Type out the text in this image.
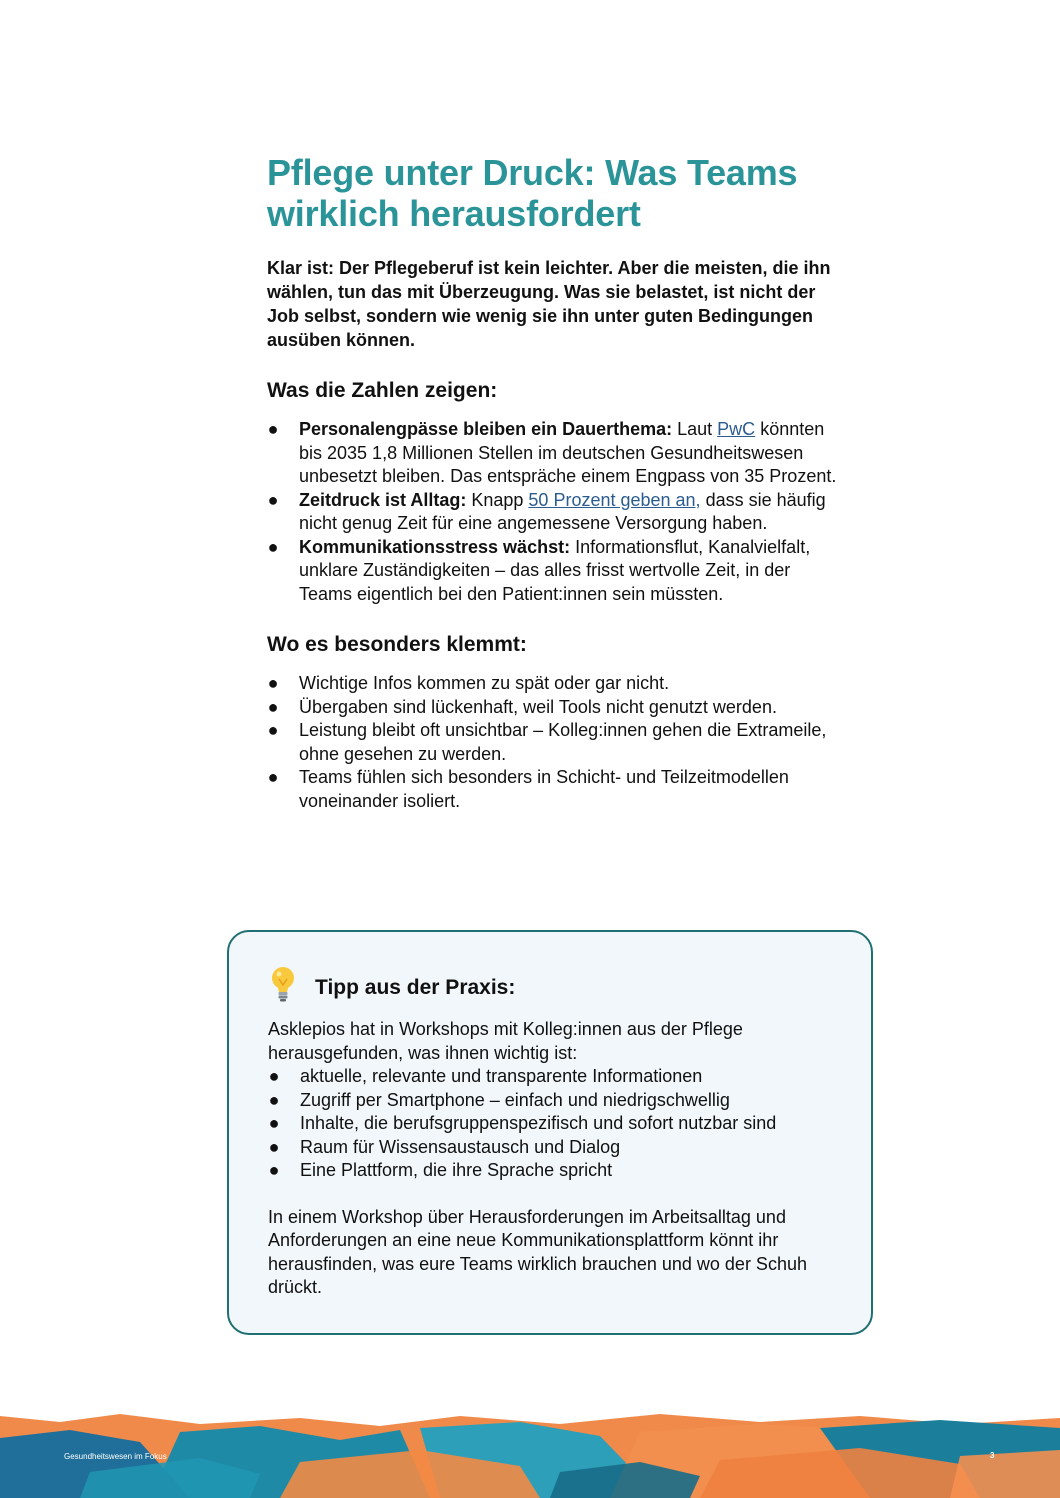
Pflege unter Druck: Was Teams wirklich herausfordert

Klar ist: Der Pflegeberuf ist kein leichter. Aber die meisten, die ihn wählen, tun das mit Überzeugung. Was sie belastet, ist nicht der Job selbst, sondern wie wenig sie ihn unter guten Bedingungen ausüben können.

Was die Zahlen zeigen:
● Personalengpässe bleiben ein Dauerthema: Laut PwC könnten bis 2035 1,8 Millionen Stellen im deutschen Gesundheitswesen unbesetzt bleiben. Das entspräche einem Engpass von 35 Prozent.
● Zeitdruck ist Alltag: Knapp 50 Prozent geben an, dass sie häufig nicht genug Zeit für eine angemessene Versorgung haben.
● Kommunikationsstress wächst: Informationsflut, Kanalvielfalt, unklare Zuständigkeiten – das alles frisst wertvolle Zeit, in der Teams eigentlich bei den Patient:innen sein müssten.
Wo es besonders klemmt:
● Wichtige Infos kommen zu spät oder gar nicht.
● Übergaben sind lückenhaft, weil Tools nicht genutzt werden.
● Leistung bleibt oft unsichtbar – Kolleg:innen gehen die Extrameile, ohne gesehen zu werden.
● Teams fühlen sich besonders in Schicht- und Teilzeitmodellen voneinander isoliert.
Tipp aus der Praxis:

Asklepios hat in Workshops mit Kolleg:innen aus der Pflege herausgefunden, was ihnen wichtig ist:

● aktuelle, relevante und transparente Informationen
● Zugriff per Smartphone – einfach und niedrigschwellig
● Inhalte, die berufsgruppenspezifisch und sofort nutzbar sind
● Raum für Wissensaustausch und Dialog
● Eine Plattform, die ihre Sprache spricht

In einem Workshop über Herausforderungen im Arbeitsalltag und Anforderungen an eine neue Kommunikationsplattform könnt ihr herausfinden, was eure Teams wirklich brauchen und wo der Schuh drückt.

Gesundheitswesen im Fokus	3
